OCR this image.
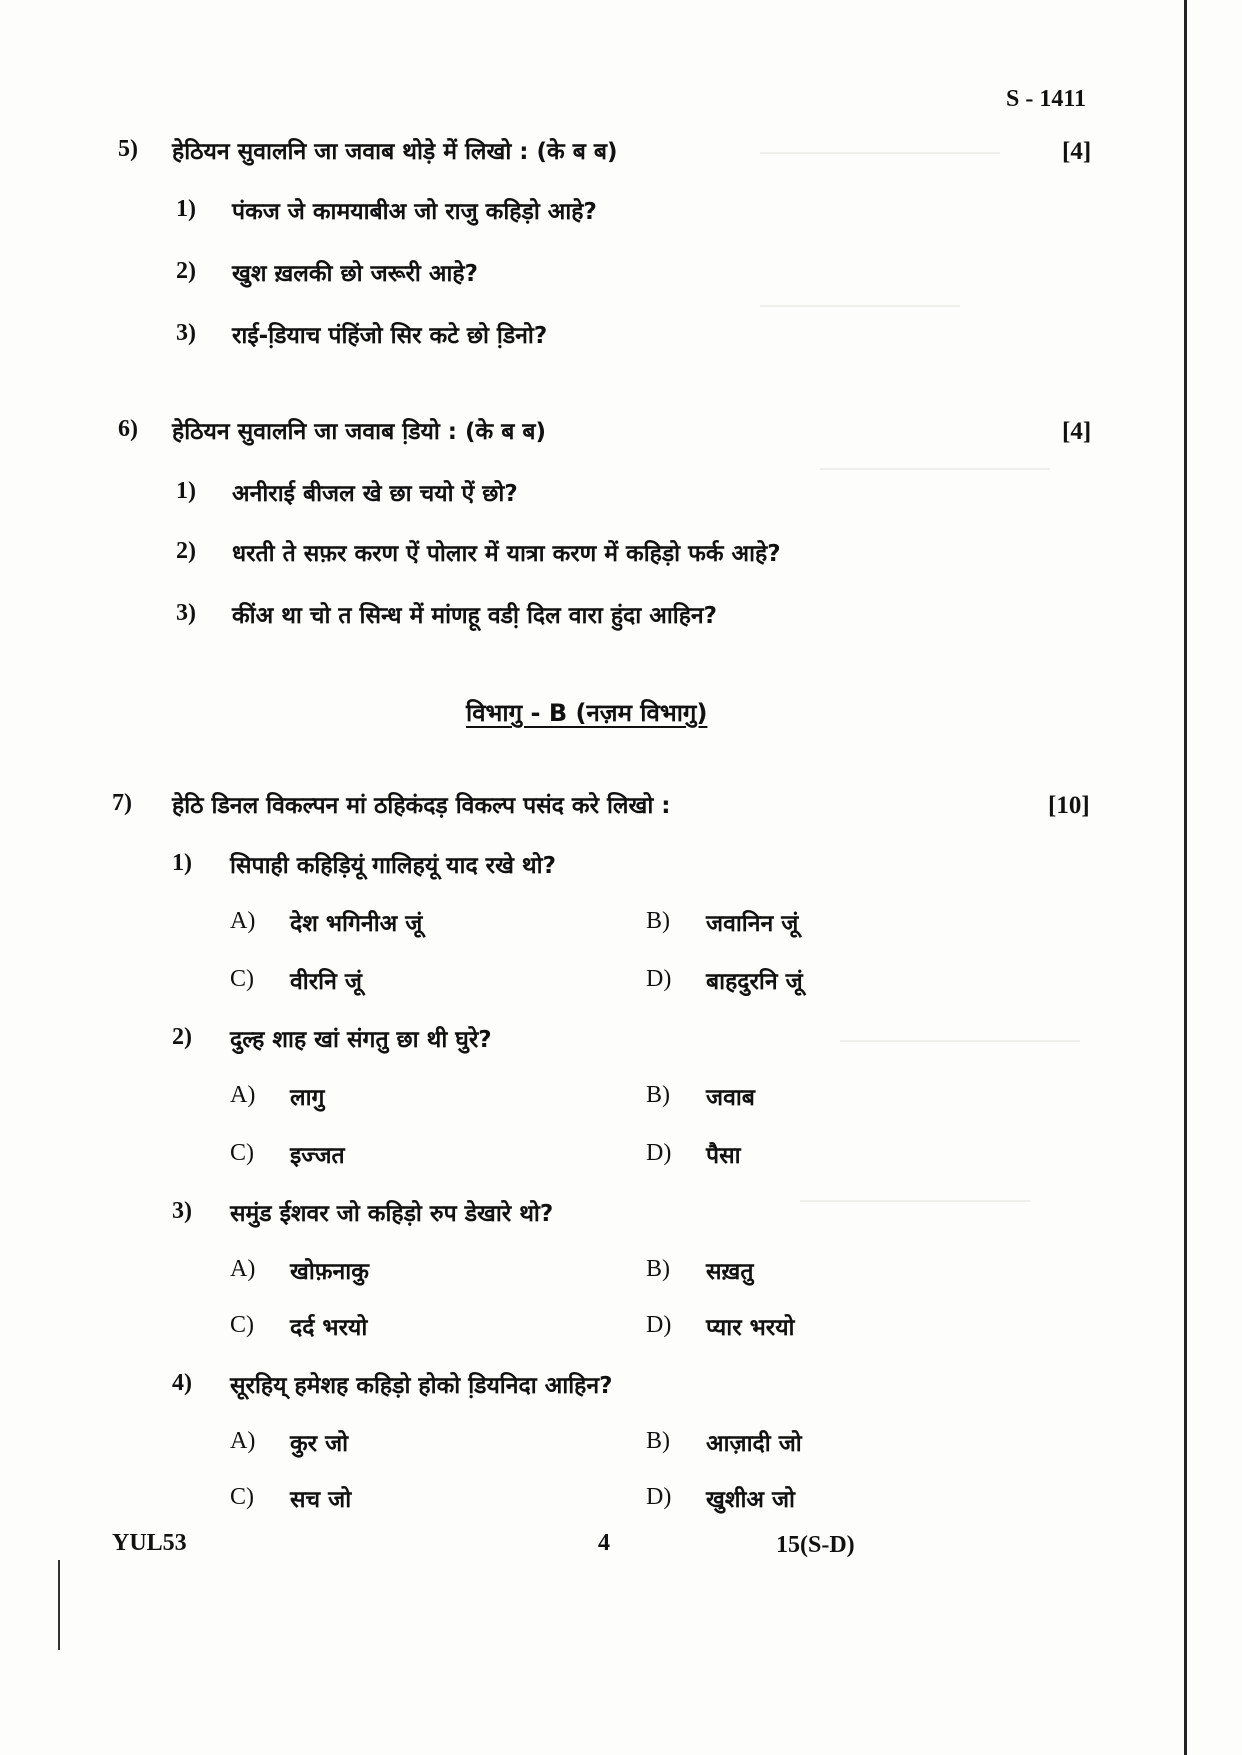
S - 1411
5) हेठियन सुवालनि जा जवाब थोड़े में लिखो : (के ब ब)	[4]
1) पंकज जे कामयाबीअ जो राजु कहिड़ो आहे?
2) खुश ख़लकी छो जरूरी आहे?
3) राई-डि़याच पंहिंजो सिर कटे छो डि़नो?
6) हेठियन सुवालनि जा जवाब डि़यो : (के ब ब)	[4]
1) अनीराई बीजल खे छा चयो ऐं छो?
2) धरती ते सफ़र करण ऐं पोलार में यात्रा करण में कहिड़ो फर्क आहे?
3) कींअ था चो त सिन्ध में मांणहू वडी़ दिल वारा हुंदा आहिन?
विभागु - B (नज़म विभागु)
7) हेठि डिनल विकल्पन मां ठहिकंदड़ विकल्प पसंद करे लिखो :	[10]
1) सिपाही कहिड़ियूं गालिहयूं याद रखे थो?
A) देश भगिनीअ जूं	B) जवानिन जूं
C) वीरनि जूं	D) बाहदुरनि जूं
2) दुल्ह शाह खां संगतु छा थी घुरे?
A) लागु	B) जवाब
C) इज्जत	D) पैसा
3) समुंड ईशवर जो कहिड़ो रुप डेखारे थो?
A) खोफ़नाकु	B) सख़तु
C) दर्द भरयो	D) प्यार भरयो
4) सूरहिय् हमेशह कहिड़ो होको डि़यनिदा आहिन?
A) कुर जो	B) आज़ादी जो
C) सच जो	D) खुशीअ जो
YUL53	4	15(S-D)
